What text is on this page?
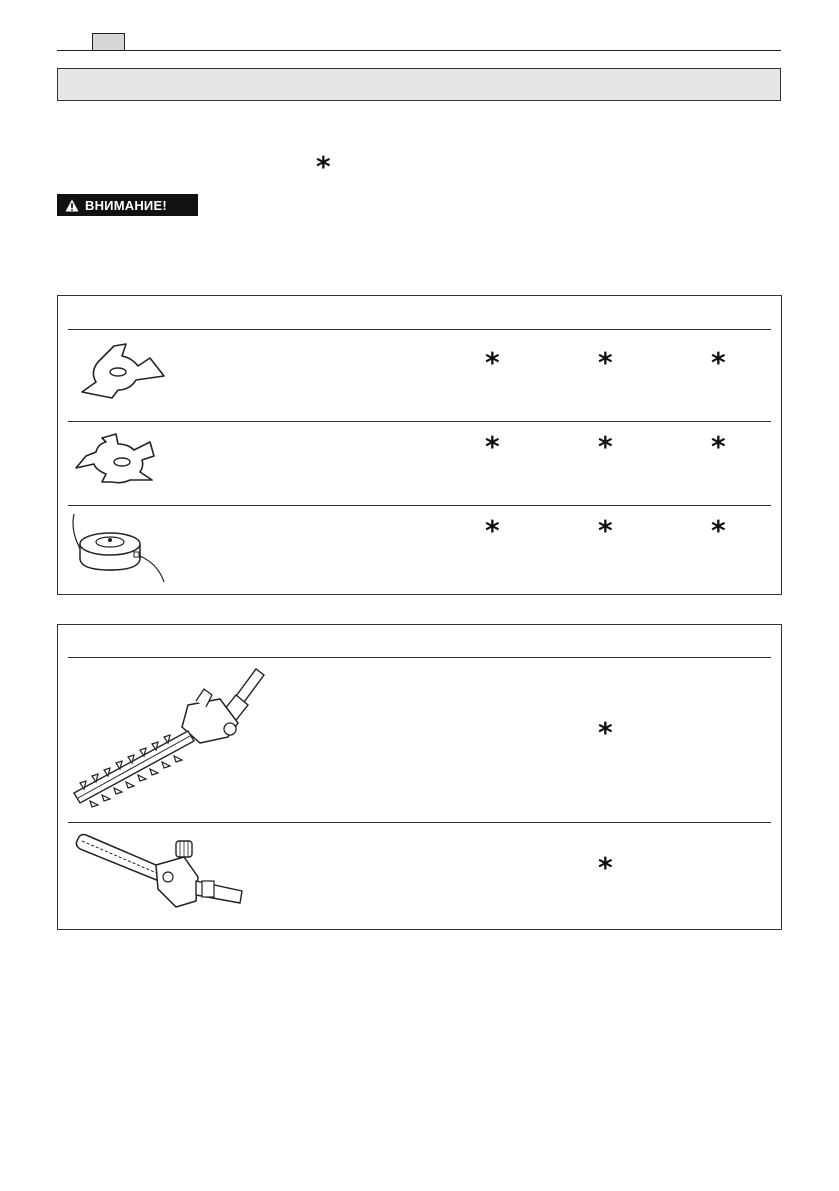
*
ВНИМАНИЕ!
*	*	*
*	*	*
*	*	*
*
*
